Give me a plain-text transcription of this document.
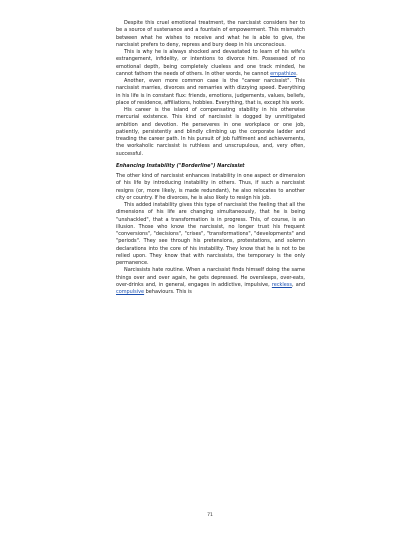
Despite this cruel emotional treatment, the narcissist considers her to be a source of sustenance and a fountain of empowerment. This mismatch between what he wishes to receive and what he is able to give, the narcissist prefers to deny, repress and bury deep in his unconscious.

This is why he is always shocked and devastated to learn of his wife's estrangement, infidelity, or intentions to divorce him. Possessed of no emotional depth, being completely clueless and one track minded, he cannot fathom the needs of others. In other words, he cannot empathize.

Another, even more common case is the "career narcissist". This narcissist marries, divorces and remarries with dizzying speed. Everything in his life is in constant flux: friends, emotions, judgements, values, beliefs, place of residence, affiliations, hobbies. Everything, that is, except his work.

His career is the island of compensating stability in his otherwise mercurial existence. This kind of narcissist is dogged by unmitigated ambition and devotion. He perseveres in one workplace or one job, patiently, persistently and blindly climbing up the corporate ladder and treading the career path. In his pursuit of job fulfilment and achievements, the workaholic narcissist is ruthless and unscrupulous, and, very often, successful.

Enhancing Instability ("Borderline") Narcissist

The other kind of narcissist enhances instability in one aspect or dimension of his life by introducing instability in others. Thus, if such a narcissist resigns (or, more likely, is made redundant), he also relocates to another city or country. If he divorces, he is also likely to resign his job.

This added instability gives this type of narcissist the feeling that all the dimensions of his life are changing simultaneously, that he is being "unshackled", that a transformation is in progress. This, of course, is an illusion. Those who know the narcissist, no longer trust his frequent "conversions", "decisions", "crises", "transformations", "developments" and "periods". They see through his pretensions, protestations, and solemn declarations into the core of his instability. They know that he is not to be relied upon. They know that with narcissists, the temporary is the only permanence.

Narcissists hate routine. When a narcissist finds himself doing the same things over and over again, he gets depressed. He oversleeps, over-eats, over-drinks and, in general, engages in addictive, impulsive, reckless, and compulsive behaviours. This is

71
